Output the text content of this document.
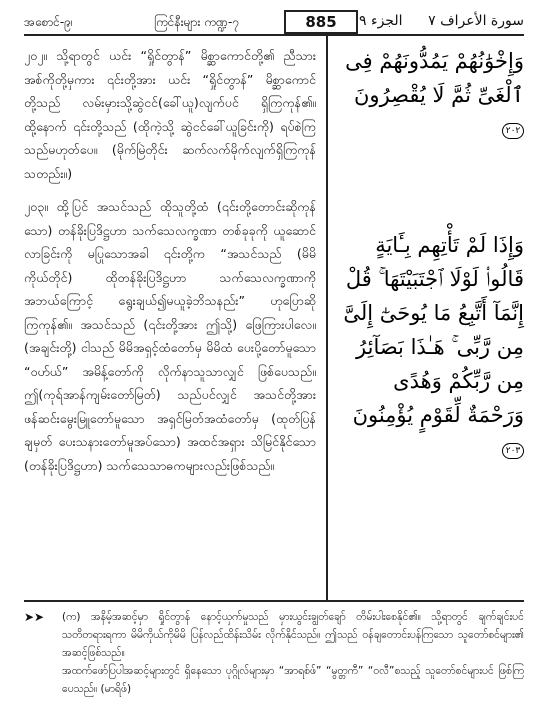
အစောင်-၉၊	ကြင်နီးများ ကဏ္ဍ-၇	885	الجزء ٩ سورة الأعراف ٧

၂၀၂။ သို့ရာတွင် ယင်း “ရှိုင်တွာန်” မိစ္ဆာကောင်တို့၏ ညီသားအစ်ကိုတို့မှကား ၎င်းတို့အား ယင်း “ရှိုင်တွာန်” မိစ္ဆာကောင်တို့သည် လမ်းမှားသို့ဆွဲငင်(ခေါ်ယူ)လျက်ပင် ရှိကြကုန်၏။ ထို့နောက် ၎င်းတို့သည် (ထိုကဲ့သို့ ဆွဲငင်ခေါ်ယူခြင်းကို) ရပ်စဲကြသည်မဟုတ်ပေ။ (မိုက်မြဲတိုင်း ဆက်လက်မိုက်လျက်ရှိကြကုန်သတည်း။)

၂၀၃။ ထို့ပြင် အသင်သည် ထိုသူတို့ထံ (၎င်းတို့တောင်းဆိုကုန်သော) တန်ခိုးပြဒိဋ္ဌဟာ သက်သေလက္ခဏာ တစ်ခုခုကို ယူဆောင်လာခြင်းကို မပြုသောအခါ ၎င်းတို့က “အသင်သည် (မိမိကိုယ်တိုင်) ထိုတန်ခိုးပြဒိဋ္ဌဟာ သက်သေလက္ခဏာကို အဘယ်ကြောင့် ရွေးချယ်၍မယူခဲ့ဘိသနည်း” ဟုပြောဆိုကြကုန်၏။ အသင်သည် (၎င်းတို့အား ဤသို့) ဖြေကြားပါလေ။ (အချင်းတို့) ငါသည် မိမိအရှင့်ထံတော်မှ မိမိထံ ပေးပို့တော်မူသော “ဝဟ်ယ်” အမိန့်တော်ကို လိုက်နာသူသာလျှင် ဖြစ်ပေသည်။ ဤ(ကုရ်အာန်ကျမ်းတော်မြတ်) သည်ပင်လျှင် အသင်တို့အား ဖန်ဆင်းမွေးမြူတော်မူသော အရှင်မြတ်အထံတော်မှ (ထုတ်ပြန်ချမှတ် ပေးသနားတော်မူအပ်သော) အထင်အရှား သိမြင်နိုင်သော (တန်ခိုးပြဒိဋ္ဌဟာ) သက်သေသာဓကများလည်းဖြစ်သည်။

وَإِخْوَٰنُهُمْ يَمُدُّونَهُمْ فِى ٱلْغَىِّ ثُمَّ لَا يُقْصِرُونَ ٢٠٢
وَإِذَا لَمْ تَأْتِهِم بِـَٔايَةٍ قَالُوا۟ لَوْلَا ٱجْتَبَيْتَهَا ۚ قُلْ إِنَّمَآ أَتَّبِعُ مَا يُوحَىٰٓ إِلَىَّ مِن رَّبِّى ۚ هَـٰذَا بَصَآئِرُ مِن رَّبِّكُمْ وَهُدًى وَرَحْمَةٌ لِّقَوْمٍ يُؤْمِنُونَ ٢٠٣
➤➤ (က) အနိမ့်အဆင့်မှာ ရှိုင်တွာန် နောင့်ယှက်မှုသည် မှားယွင်းချွတ်ချော် တိမ်းပါးစေနိုင်၏။ သို့ရာတွင် ချက်ချင်းပင် သတိတရားရကာ မိမိကိုယ်ကိုမိမိ ပြန်လည်ထိန်းသိမ်း လိုက်နိုင်သည်။ ဤသည် ဝန်ချတောင်းပန်ကြသော သူတော်စင်များ၏ အဆင့်ဖြစ်သည်။

အထက်ဖော်ပြပါအဆင့်များတွင် ရှိနေသော ပုဂ္ဂိုလ်များမှာ “အာရစ်ဖ်” “မွတ္တကီ” “ဝလီ”စသည့် သူတော်စင်များပင် ဖြစ်ကြပေသည်။ (မာရိဖ်)
